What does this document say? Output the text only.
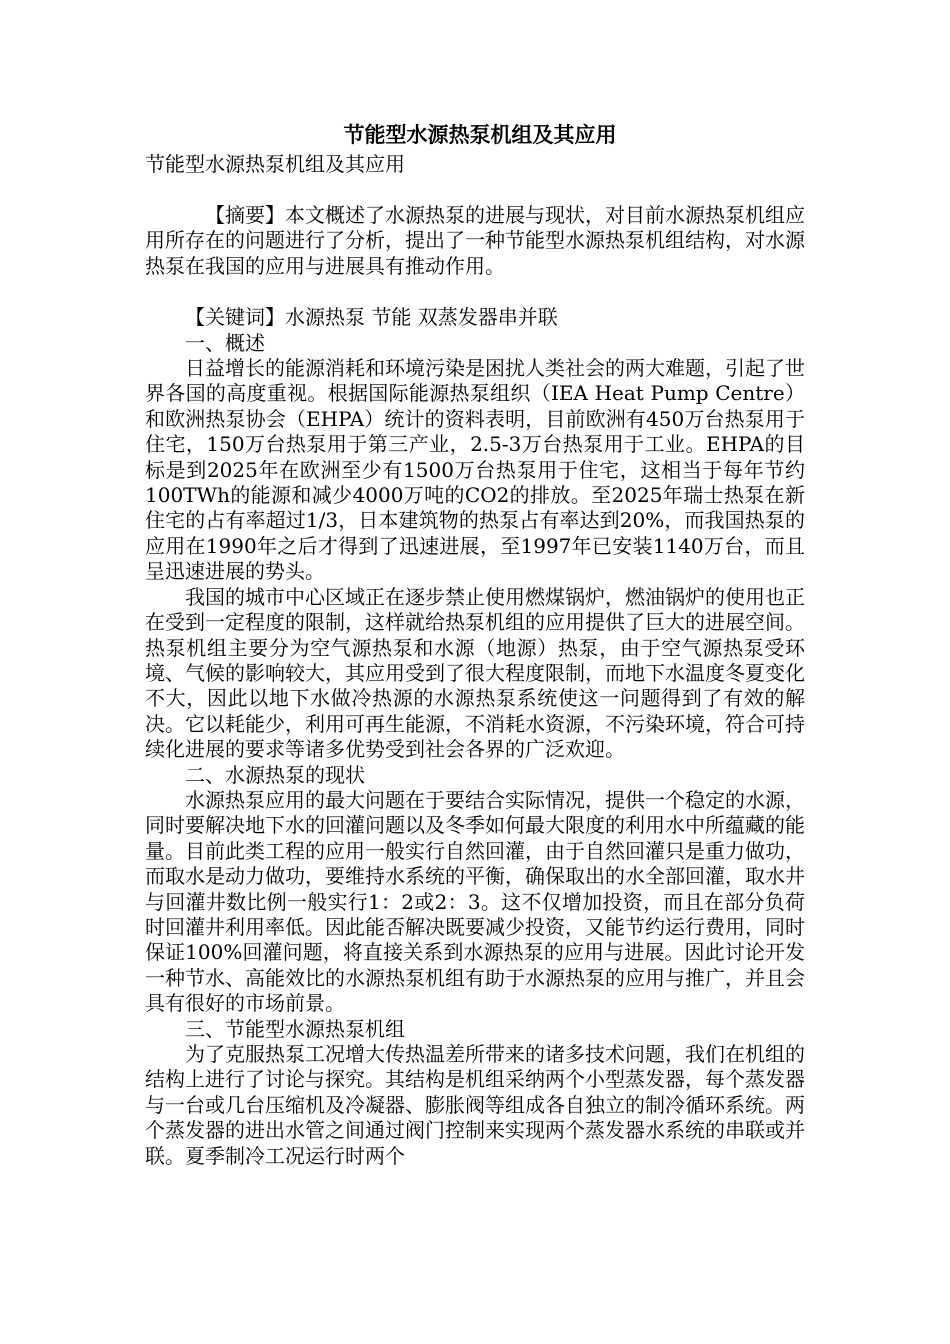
节能型水源热泵机组及其应用

节能型水源热泵机组及其应用

【摘要】本文概述了水源热泵的进展与现状，对目前水源热泵机组应用所存在的问题进行了分析，提出了一种节能型水源热泵机组结构，对水源热泵在我国的应用与进展具有推动作用。

【关键词】水源热泵 节能 双蒸发器串并联

一、概述

日益增长的能源消耗和环境污染是困扰人类社会的两大难题，引起了世界各国的高度重视。根据国际能源热泵组织（IEA Heat Pump Centre）和欧洲热泵协会（EHPA）统计的资料表明，目前欧洲有450万台热泵用于住宅，150万台热泵用于第三产业，2.5-3万台热泵用于工业。EHPA的目标是到2025年在欧洲至少有1500万台热泵用于住宅，这相当于每年节约100TWh的能源和减少4000万吨的CO2的排放。至2025年瑞士热泵在新住宅的占有率超过1/3，日本建筑物的热泵占有率达到20%，而我国热泵的应用在1990年之后才得到了迅速进展，至1997年已安装1140万台，而且呈迅速进展的势头。

我国的城市中心区域正在逐步禁止使用燃煤锅炉，燃油锅炉的使用也正在受到一定程度的限制，这样就给热泵机组的应用提供了巨大的进展空间。热泵机组主要分为空气源热泵和水源（地源）热泵，由于空气源热泵受环境、气候的影响较大，其应用受到了很大程度限制，而地下水温度冬夏变化不大，因此以地下水做冷热源的水源热泵系统使这一问题得到了有效的解决。它以耗能少，利用可再生能源，不消耗水资源，不污染环境，符合可持续化进展的要求等诸多优势受到社会各界的广泛欢迎。

二、水源热泵的现状

水源热泵应用的最大问题在于要结合实际情况，提供一个稳定的水源，同时要解决地下水的回灌问题以及冬季如何最大限度的利用水中所蕴藏的能量。目前此类工程的应用一般实行自然回灌，由于自然回灌只是重力做功，而取水是动力做功，要维持水系统的平衡，确保取出的水全部回灌，取水井与回灌井数比例一般实行1：2或2：3。这不仅增加投资，而且在部分负荷时回灌井利用率低。因此能否解决既要减少投资，又能节约运行费用，同时保证100%回灌问题，将直接关系到水源热泵的应用与进展。因此讨论开发一种节水、高能效比的水源热泵机组有助于水源热泵的应用与推广，并且会具有很好的市场前景。

三、节能型水源热泵机组

为了克服热泵工况增大传热温差所带来的诸多技术问题，我们在机组的结构上进行了讨论与探究。其结构是机组采纳两个小型蒸发器，每个蒸发器与一台或几台压缩机及冷凝器、膨胀阀等组成各自独立的制冷循环系统。两个蒸发器的进出水管之间通过阀门控制来实现两个蒸发器水系统的串联或并联。夏季制冷工况运行时两个
